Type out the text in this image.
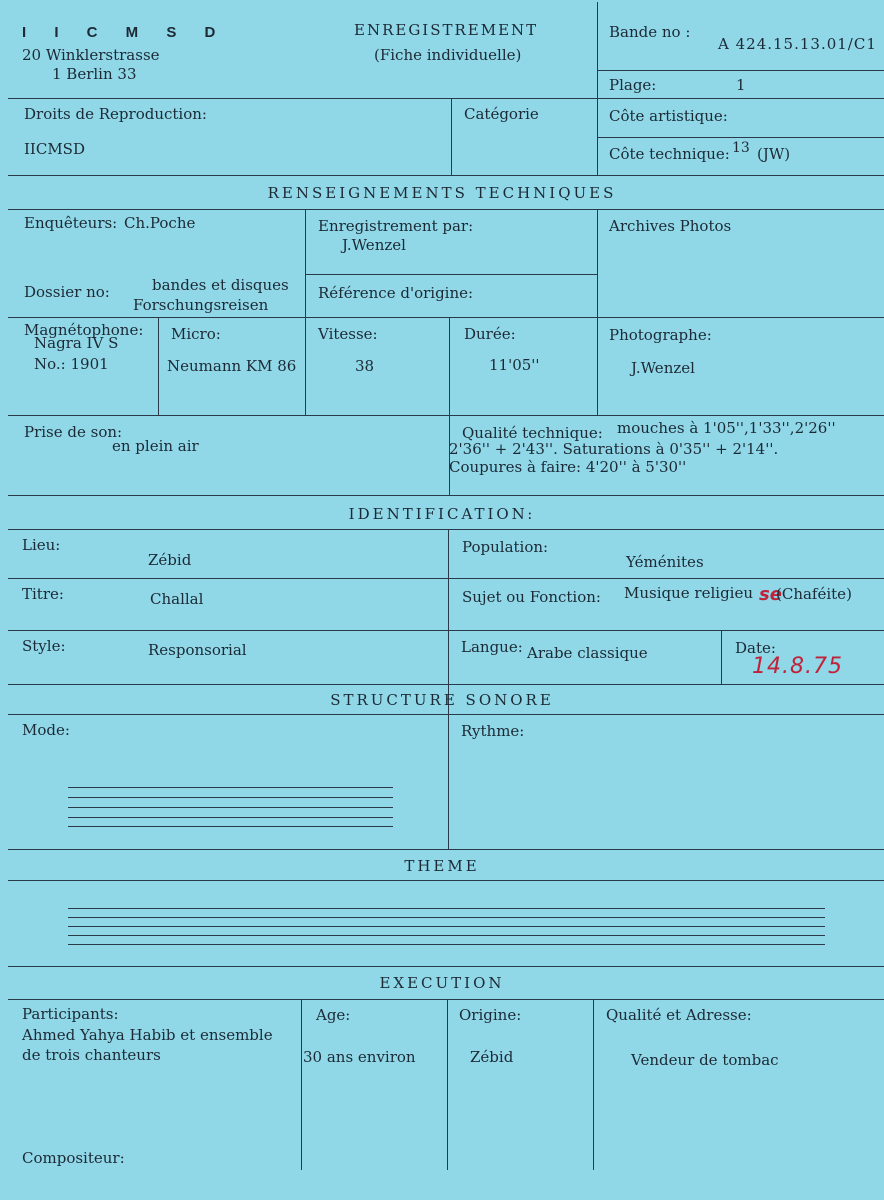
I I C M S D
20 Winklerstrasse
1 Berlin 33
ENREGISTREMENT
(Fiche individuelle)
Bande no :
A 424.15.13.01/C1
Plage:	1
Droits de Reproduction:
IICMSD
Catégorie	Côte artistique:
Côte technique: 13 (JW)
RENSEIGNEMENTS TECHNIQUES
Enquêteurs: Ch.Poche	Enregistrement par:
J.Wenzel
Archives Photos
Dossier no:	bandes et disques
Forschungsreisen
Référence d'origine:
Magnétophone:
Nagra IV S
No.: 1901
Micro:
Neumann KM 86
Vitesse:
38
Durée:
11'05''
Photographe:
J.Wenzel
Prise de son:
en plein air
Qualité technique: mouches à 1'05'',1'33'',2'26''
2'36'' + 2'43''. Saturations à 0'35'' + 2'14''.
Coupures à faire: 4'20'' à 5'30''
IDENTIFICATION:
Lieu:
Zébid
Population:
Yéménites
Titre:	Challal	Sujet ou Fonction: Musique religieu se
(Chaféite)
Style:	Responsorial	Langue: Arabe classique	Date:
14.8.75
STRUCTURE SONORE
Mode:	Rythme:
THEME
EXECUTION
Participants:
Ahmed Yahya Habib et ensemble
de trois chanteurs
Age:
30 ans environ
Origine:
Zébid
Qualité et Adresse:
Vendeur de tombac
Compositeur:
